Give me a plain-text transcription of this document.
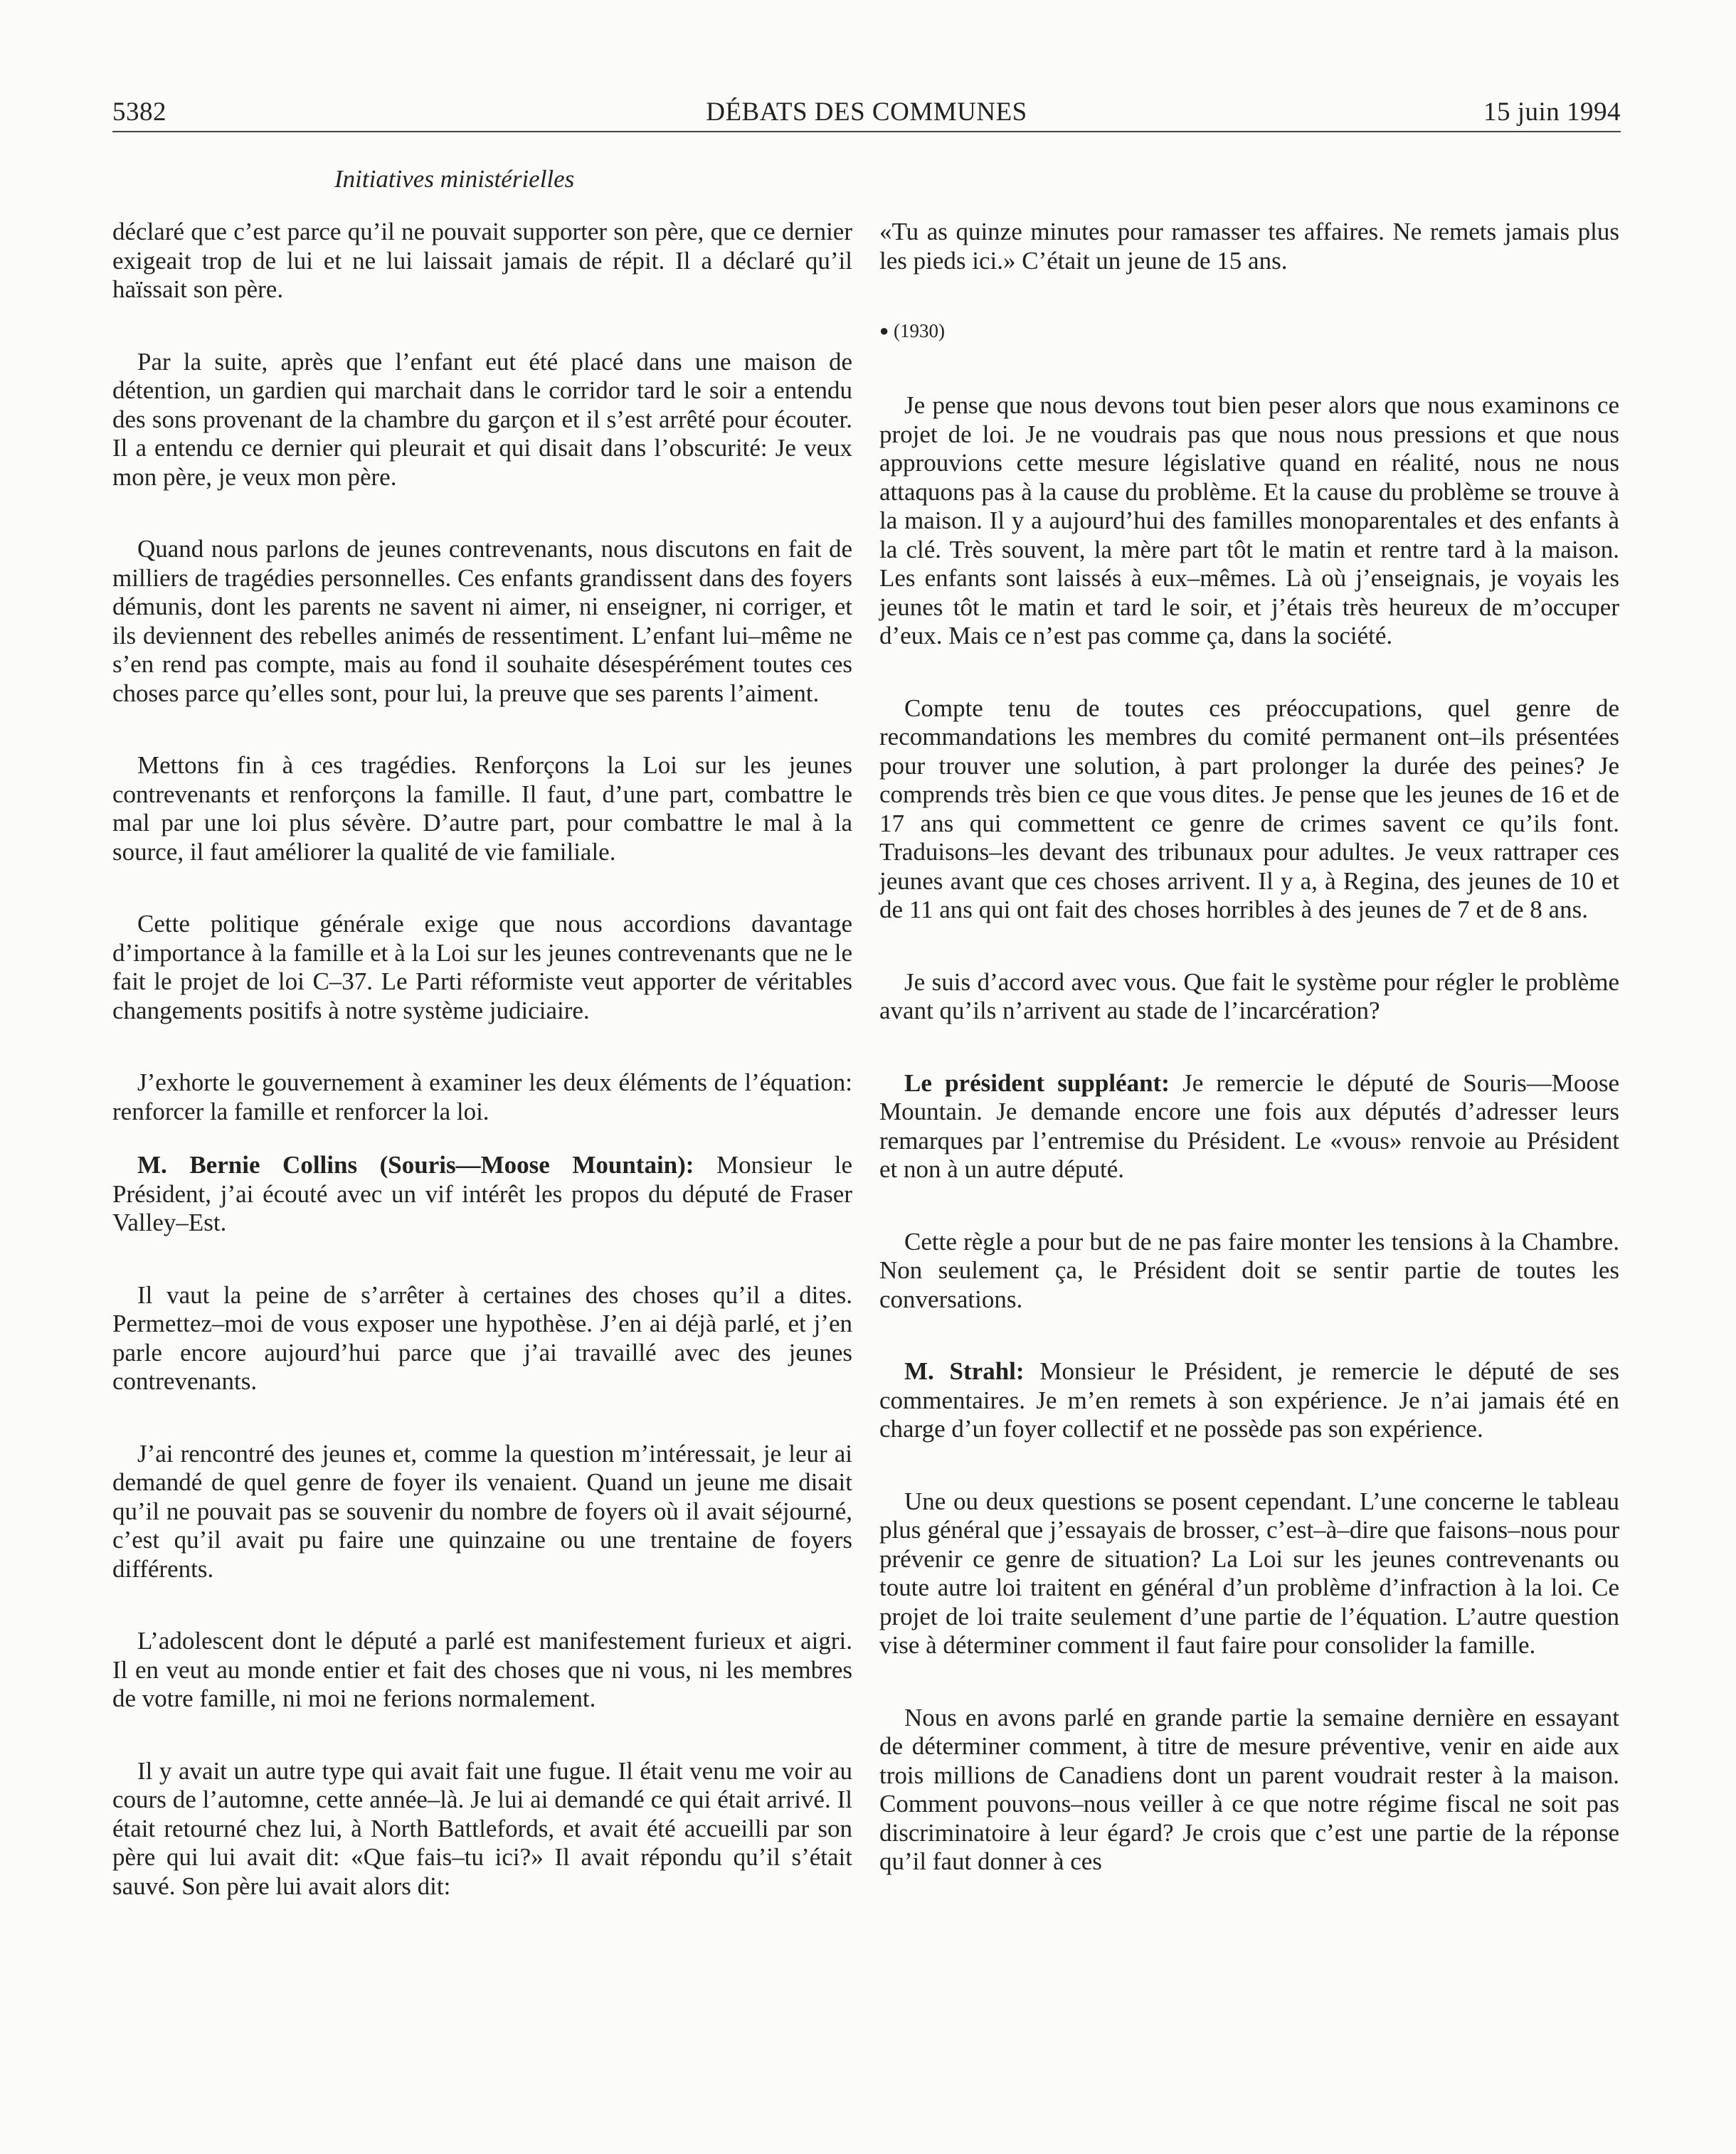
5382	DÉBATS DES COMMUNES	15 juin 1994
Initiatives ministérielles

déclaré que c’est parce qu’il ne pouvait supporter son père, que ce dernier exigeait trop de lui et ne lui laissait jamais de répit. Il a déclaré qu’il haïssait son père.

Par la suite, après que l’enfant eut été placé dans une maison de détention, un gardien qui marchait dans le corridor tard le soir a entendu des sons provenant de la chambre du garçon et il s’est arrêté pour écouter. Il a entendu ce dernier qui pleurait et qui disait dans l’obscurité: Je veux mon père, je veux mon père.

Quand nous parlons de jeunes contrevenants, nous discutons en fait de milliers de tragédies personnelles. Ces enfants grandissent dans des foyers démunis, dont les parents ne savent ni aimer, ni enseigner, ni corriger, et ils deviennent des rebelles animés de ressentiment. L’enfant lui–même ne s’en rend pas compte, mais au fond il souhaite désespérément toutes ces choses parce qu’elles sont, pour lui, la preuve que ses parents l’aiment.

Mettons fin à ces tragédies. Renforçons la Loi sur les jeunes contrevenants et renforçons la famille. Il faut, d’une part, combattre le mal par une loi plus sévère. D’autre part, pour combattre le mal à la source, il faut améliorer la qualité de vie familiale.

Cette politique générale exige que nous accordions davantage d’importance à la famille et à la Loi sur les jeunes contrevenants que ne le fait le projet de loi C–37. Le Parti réformiste veut apporter de véritables changements positifs à notre système judiciaire.

J’exhorte le gouvernement à examiner les deux éléments de l’équation: renforcer la famille et renforcer la loi.

M. Bernie Collins (Souris—Moose Mountain): Monsieur le Président, j’ai écouté avec un vif intérêt les propos du député de Fraser Valley–Est.

Il vaut la peine de s’arrêter à certaines des choses qu’il a dites. Permettez–moi de vous exposer une hypothèse. J’en ai déjà parlé, et j’en parle encore aujourd’hui parce que j’ai travaillé avec des jeunes contrevenants.

J’ai rencontré des jeunes et, comme la question m’intéressait, je leur ai demandé de quel genre de foyer ils venaient. Quand un jeune me disait qu’il ne pouvait pas se souvenir du nombre de foyers où il avait séjourné, c’est qu’il avait pu faire une quinzaine ou une trentaine de foyers différents.

L’adolescent dont le député a parlé est manifestement furieux et aigri. Il en veut au monde entier et fait des choses que ni vous, ni les membres de votre famille, ni moi ne ferions normalement.

Il y avait un autre type qui avait fait une fugue. Il était venu me voir au cours de l’automne, cette année–là. Je lui ai demandé ce qui était arrivé. Il était retourné chez lui, à North Battlefords, et avait été accueilli par son père qui lui avait dit: «Que fais–tu ici?» Il avait répondu qu’il s’était sauvé. Son père lui avait alors dit:

«Tu as quinze minutes pour ramasser tes affaires. Ne remets jamais plus les pieds ici.» C’était un jeune de 15 ans.

● (1930)

Je pense que nous devons tout bien peser alors que nous examinons ce projet de loi. Je ne voudrais pas que nous nous pressions et que nous approuvions cette mesure législative quand en réalité, nous ne nous attaquons pas à la cause du problème. Et la cause du problème se trouve à la maison. Il y a aujourd’hui des familles monoparentales et des enfants à la clé. Très souvent, la mère part tôt le matin et rentre tard à la maison. Les enfants sont laissés à eux–mêmes. Là où j’enseignais, je voyais les jeunes tôt le matin et tard le soir, et j’étais très heureux de m’occuper d’eux. Mais ce n’est pas comme ça, dans la société.

Compte tenu de toutes ces préoccupations, quel genre de recommandations les membres du comité permanent ont–ils présentées pour trouver une solution, à part prolonger la durée des peines? Je comprends très bien ce que vous dites. Je pense que les jeunes de 16 et de 17 ans qui commettent ce genre de crimes savent ce qu’ils font. Traduisons–les devant des tribunaux pour adultes. Je veux rattraper ces jeunes avant que ces choses arrivent. Il y a, à Regina, des jeunes de 10 et de 11 ans qui ont fait des choses horribles à des jeunes de 7 et de 8 ans.

Je suis d’accord avec vous. Que fait le système pour régler le problème avant qu’ils n’arrivent au stade de l’incarcération?

Le président suppléant: Je remercie le député de Souris—Moose Mountain. Je demande encore une fois aux députés d’adresser leurs remarques par l’entremise du Président. Le «vous» renvoie au Président et non à un autre député.

Cette règle a pour but de ne pas faire monter les tensions à la Chambre. Non seulement ça, le Président doit se sentir partie de toutes les conversations.

M. Strahl: Monsieur le Président, je remercie le député de ses commentaires. Je m’en remets à son expérience. Je n’ai jamais été en charge d’un foyer collectif et ne possède pas son expérience.

Une ou deux questions se posent cependant. L’une concerne le tableau plus général que j’essayais de brosser, c’est–à–dire que faisons–nous pour prévenir ce genre de situation? La Loi sur les jeunes contrevenants ou toute autre loi traitent en général d’un problème d’infraction à la loi. Ce projet de loi traite seulement d’une partie de l’équation. L’autre question vise à déterminer comment il faut faire pour consolider la famille.

Nous en avons parlé en grande partie la semaine dernière en essayant de déterminer comment, à titre de mesure préventive, venir en aide aux trois millions de Canadiens dont un parent voudrait rester à la maison. Comment pouvons–nous veiller à ce que notre régime fiscal ne soit pas discriminatoire à leur égard? Je crois que c’est une partie de la réponse qu’il faut donner à ces
